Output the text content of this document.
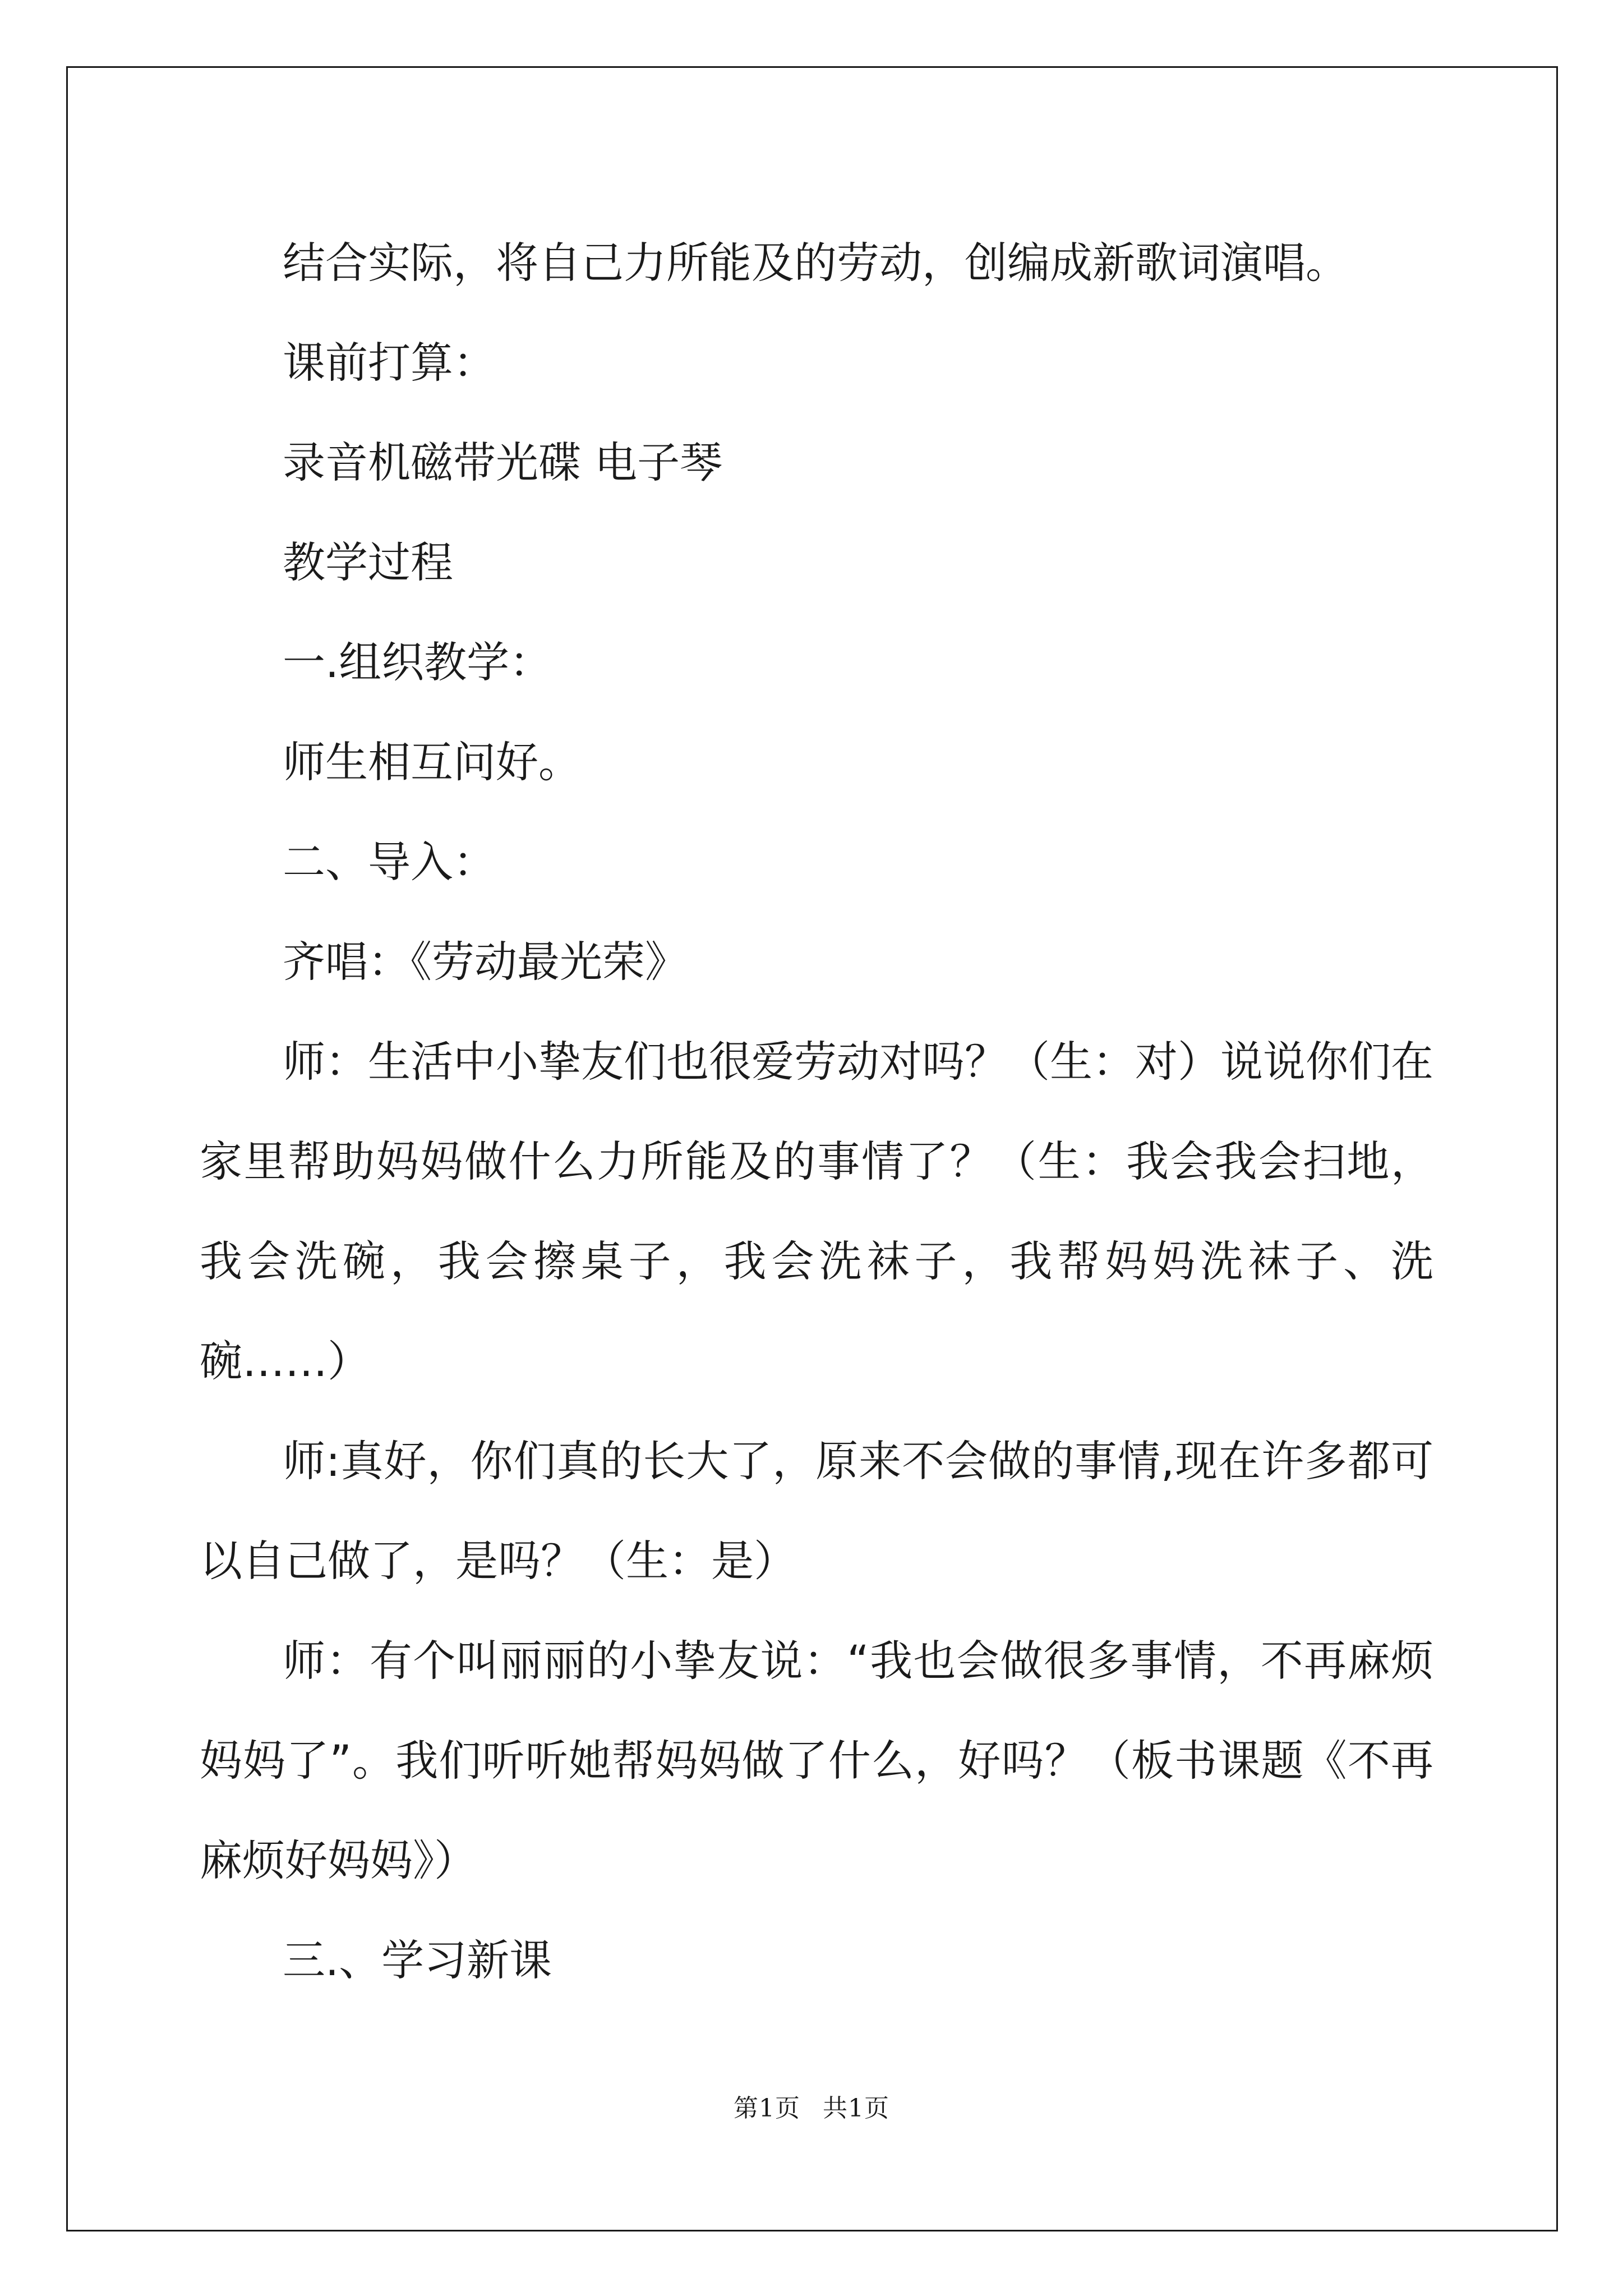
结合实际，将自己力所能及的劳动，创编成新歌词演唱。

课前打算：

录音机磁带光碟 电子琴

教学过程

一.组织教学：

师生相互问好。

二、导入：

齐唱：《劳动最光荣》

师：生活中小挚友们也很爱劳动对吗？（生：对）说说你们在家里帮助妈妈做什么力所能及的事情了？（生：我会我会扫地，我会洗碗，我会擦桌子，我会洗袜子，我帮妈妈洗袜子、洗碗……）

师:真好，你们真的长大了，原来不会做的事情,现在许多都可以自己做了，是吗？（生：是）

师：有个叫丽丽的小挚友说：“我也会做很多事情，不再麻烦妈妈了”。我们听听她帮妈妈做了什么，好吗？（板书课题《不再麻烦好妈妈》）

三.、学习新课

第1页 共1页
